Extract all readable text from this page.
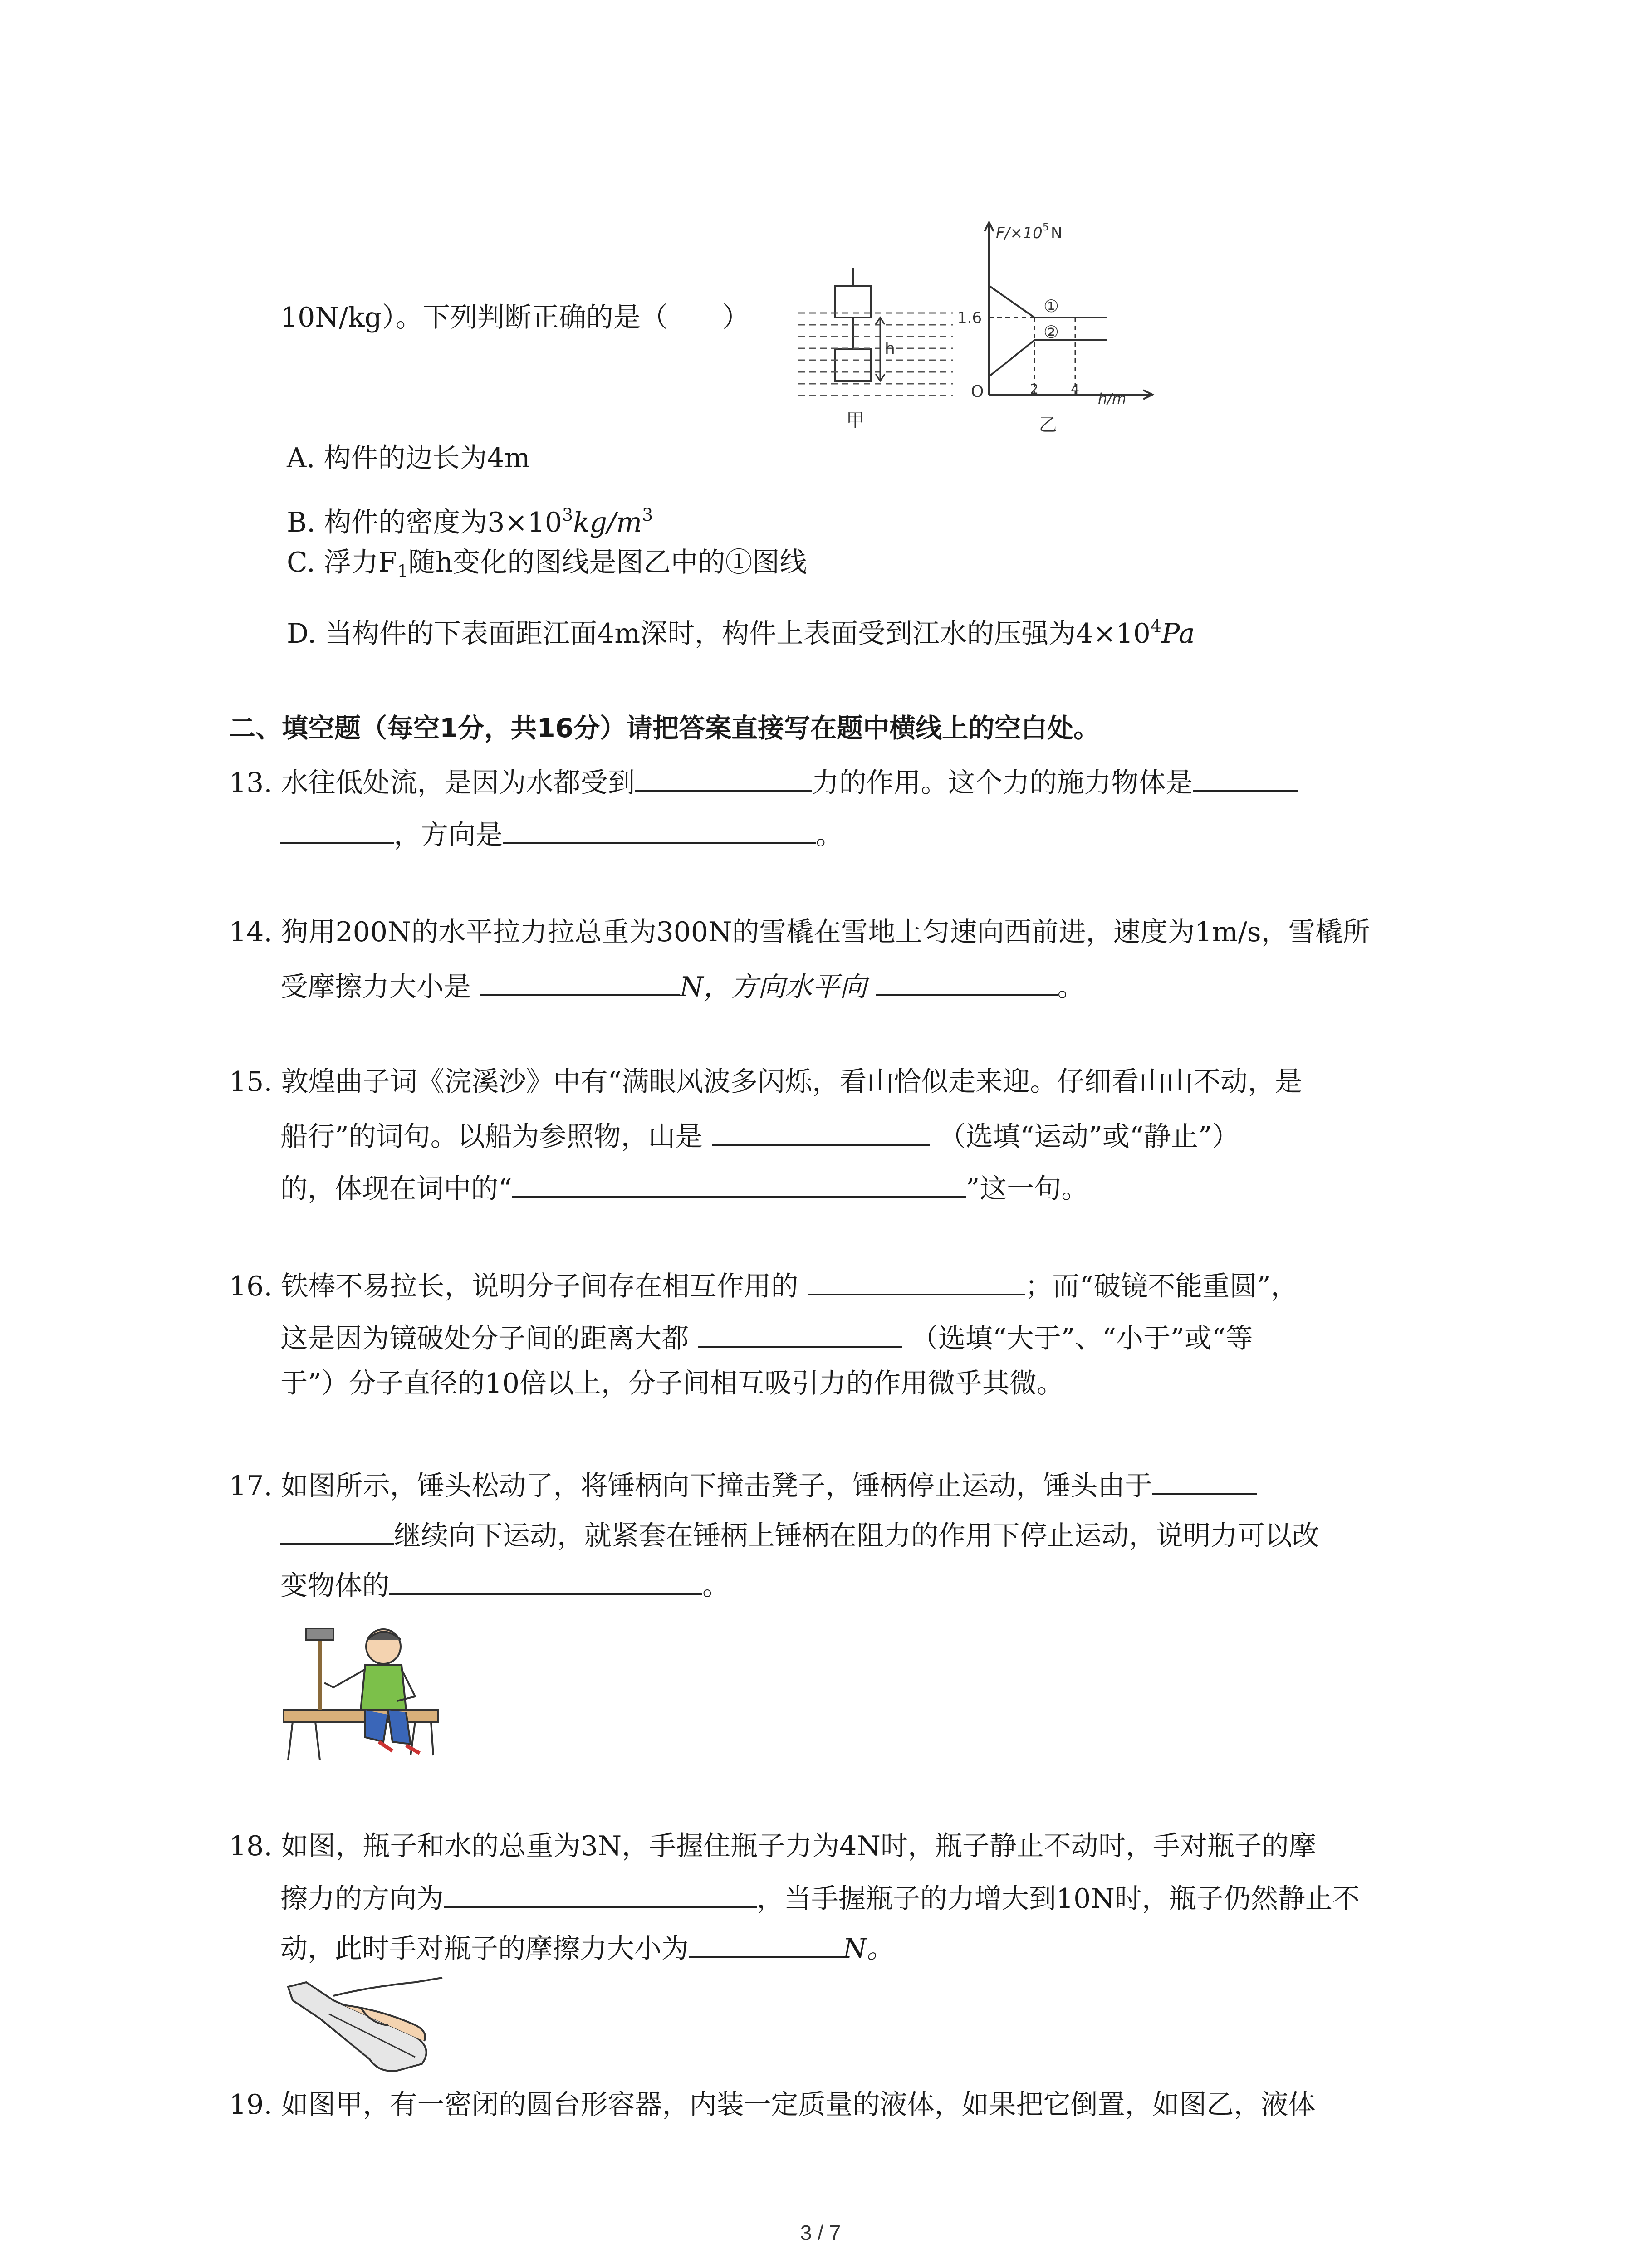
10N/kg）。下列判断正确的是（　　）
h
甲
F/×10 5 N
1.6
O	2 4
h/m
①
②
乙
A. 构件的边长为4m
B. 构件的密度为$3\times 10^3kg/m^3$
C. 浮力$F_1$随h变化的图线是图乙中的①图线
D. 当构件的下表面距江面4m深时，构件上表面受到江水的压强为$4\times 10^4Pa$
二、填空题（每空1分，共16分）请把答案直接写在题中横线上的空白处。
13. 水往低处流，是因为水都受到	力的作用。这个力的施力物体是
，方向是	。
14. 狗用200N的水平拉力拉总重为300N的雪橇在雪地上匀速向西前进，速度为1m/s，雪橇所
受摩擦力大小是	N，方向水平向	。
15. 敦煌曲子词《浣溪沙》中有“满眼风波多闪烁，看山恰似走来迎。仔细看山山不动，是
船行”的词句。以船为参照物，山是	（选填“运动”或“静止”）
的，体现在词中的“	”这一句。
16. 铁棒不易拉长，说明分子间存在相互作用的	；而“破镜不能重圆”，
这是因为镜破处分子间的距离大都	（选填“大于”、“小于”或“等
于”）分子直径的10倍以上，分子间相互吸引力的作用微乎其微。
17. 如图所示，锤头松动了，将锤柄向下撞击凳子，锤柄停止运动，锤头由于
继续向下运动，就紧套在锤柄上锤柄在阻力的作用下停止运动，说明力可以改
变物体的	。
18. 如图，瓶子和水的总重为3N，手握住瓶子力为4N时，瓶子静止不动时，手对瓶子的摩
擦力的方向为	，当手握瓶子的力增大到10N时，瓶子仍然静止不
动，此时手对瓶子的摩擦力大小为	N。
19. 如图甲，有一密闭的圆台形容器，内装一定质量的液体，如果把它倒置，如图乙，液体
3 / 7
